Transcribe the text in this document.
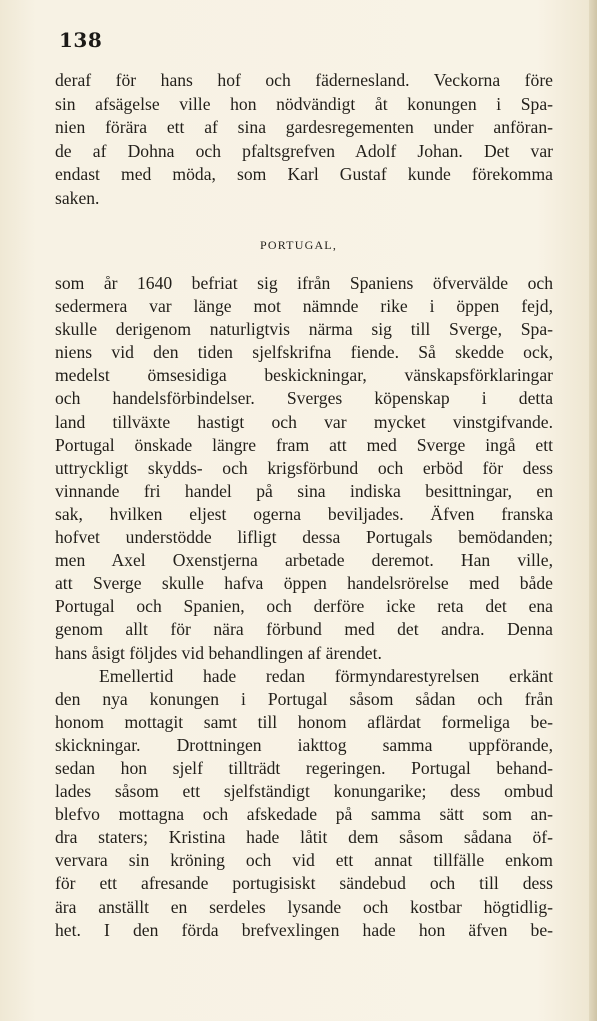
138
deraf för hans hof och fädernesland. Veckorna före
sin afsägelse ville hon nödvändigt åt konungen i Spa-
nien förära ett af sina gardesregementen under anföran-
de af Dohna och pfaltsgrefven Adolf Johan. Det var
endast med möda, som Karl Gustaf kunde förekomma
saken.
PORTUGAL,
som år 1640 befriat sig ifrån Spaniens öfvervälde och
sedermera var länge mot nämnde rike i öppen fejd,
skulle derigenom naturligtvis närma sig till Sverge, Spa-
niens vid den tiden sjelfskrifna fiende. Så skedde ock,
medelst ömsesidiga beskickningar, vänskapsförklaringar
och handelsförbindelser. Sverges köpenskap i detta
land tillväxte hastigt och var mycket vinstgifvande.
Portugal önskade längre fram att med Sverge ingå ett
uttryckligt skydds- och krigsförbund och erböd för dess
vinnande fri handel på sina indiska besittningar, en
sak, hvilken eljest ogerna beviljades. Äfven franska
hofvet understödde lifligt dessa Portugals bemödanden;
men Axel Oxenstjerna arbetade deremot. Han ville,
att Sverge skulle hafva öppen handelsrörelse med både
Portugal och Spanien, och derföre icke reta det ena
genom allt för nära förbund med det andra. Denna
hans åsigt följdes vid behandlingen af ärendet.
Emellertid hade redan förmyndarestyrelsen erkänt
den nya konungen i Portugal såsom sådan och från
honom mottagit samt till honom aflärdat formeliga be-
skickningar. Drottningen iakttog samma uppförande,
sedan hon sjelf tillträdt regeringen. Portugal behand-
lades såsom ett sjelfständigt konungarike; dess ombud
blefvo mottagna och afskedade på samma sätt som an-
dra staters; Kristina hade låtit dem såsom sådana öf-
vervara sin kröning och vid ett annat tillfälle enkom
för ett afresande portugisiskt sändebud och till dess
ära anställt en serdeles lysande och kostbar högtidlig-
het. I den förda brefvexlingen hade hon äfven be-
